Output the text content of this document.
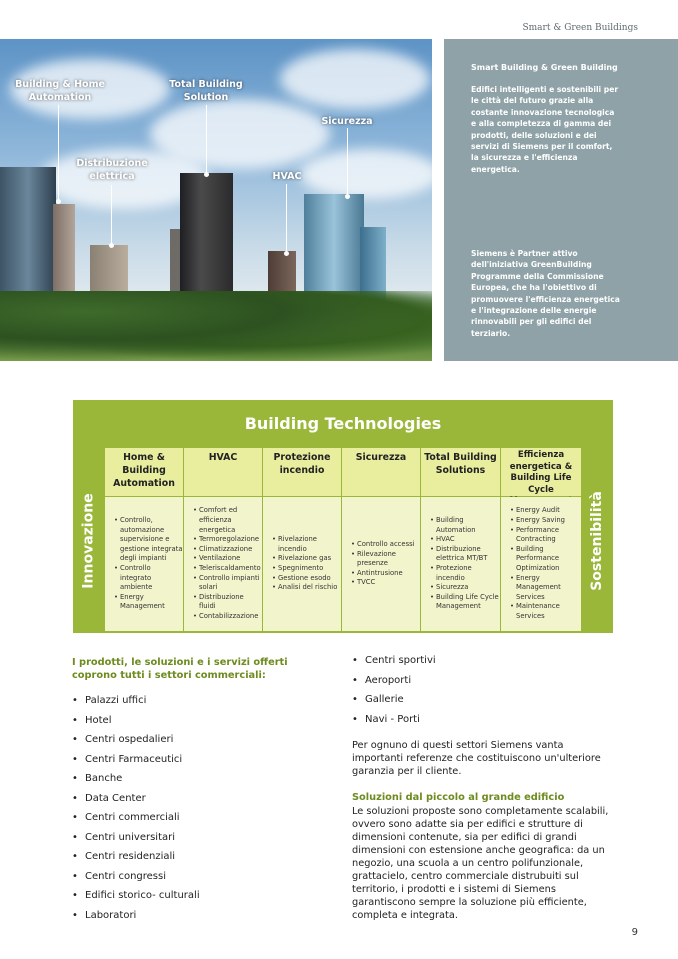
Smart & Green Buildings
Building & Home Automation
Total Building Solution
Sicurezza
Distribuzione elettrica	HVAC
Smart Building & Green Building
Edifici intelligenti e sostenibili per le città del futuro grazie alla costante innovazione tecnologica e alla completezza di gamma dei prodotti, delle soluzioni e dei servizi di Siemens per il comfort, la sicurezza e l'efficienza energetica.
Siemens è Partner attivo dell'iniziativa GreenBuilding Programme della Commissione Europea, che ha l'obiettivo di promuovere l'efficienza energetica e l'integrazione delle energie rinnovabili per gli edifici del terziario.
Building Technologies
Innovazione	Sostenibilità
Home & Building Automation
• Controllo, automazione supervisione e gestione integrata degli impianti
• Controllo integrato ambiente
• Energy Management
HVAC
• Comfort ed efficienza energetica
• Termoregolazione
• Climatizzazione
• Ventilazione
• Teleriscaldamento
• Controllo impianti solari
• Distribuzione fluidi
• Contabilizzazione
Protezione incendio
• Rivelazione incendio
• Rivelazione gas
• Spegnimento
• Gestione esodo
• Analisi del rischio
Sicurezza
• Controllo accessi
• Rilevazione presenze
• Antintrusione
• TVCC
Total Building Solutions
• Building Automation
• HVAC
• Distribuzione elettrica MT/BT
• Protezione incendio
• Sicurezza
• Building Life Cycle Management
Efficienza energetica & Building Life Cycle
• Energy Audit
• Energy Saving
• Performance Contracting
• Building Performance Optimization
• Energy Management Services
• Maintenance Services
I prodotti, le soluzioni e i servizi offerti coprono tutti i settori commerciali:
• Palazzi uffici
• Hotel
• Centri ospedalieri
• Centri Farmaceutici
• Banche
• Data Center
• Centri commerciali
• Centri universitari
• Centri residenziali
• Centri congressi
• Edifici storico- culturali
• Laboratori
• Centri sportivi
• Aeroporti
• Gallerie
• Navi - Porti

Per ognuno di questi settori Siemens vanta importanti referenze che costituiscono un'ulteriore garanzia per il cliente.

Soluzioni dal piccolo al grande edificio

Le soluzioni proposte sono completamente scalabili, ovvero sono adatte sia per edifici e strutture di dimensioni contenute, sia per edifici di grandi dimensioni con estensione anche geografica: da un negozio, una scuola a un centro polifunzionale, grattacielo, centro commerciale distrubuiti sul territorio, i prodotti e i sistemi di Siemens garantiscono sempre la soluzione più efficiente, completa e integrata.

9
